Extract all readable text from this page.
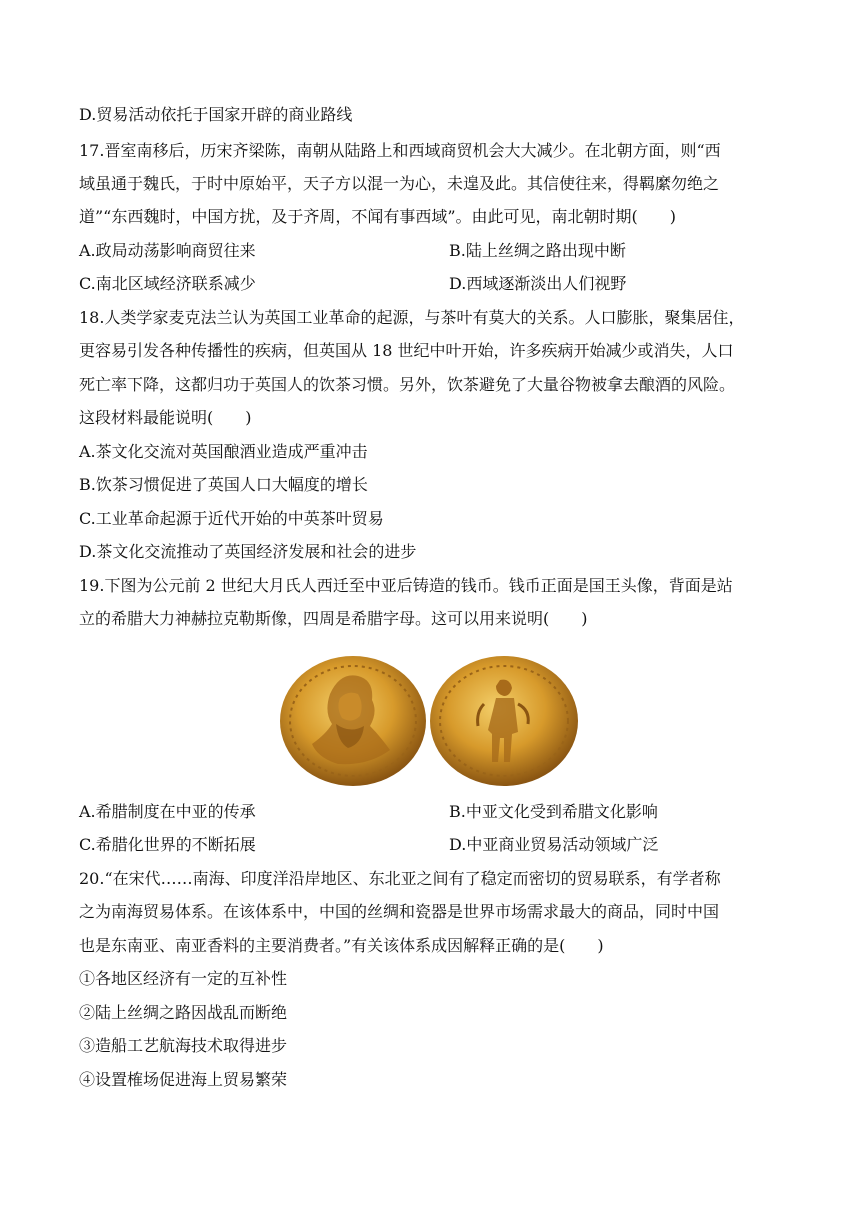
D.贸易活动依托于国家开辟的商业路线
17.晋室南移后，历宋齐梁陈，南朝从陆路上和西域商贸机会大大减少。在北朝方面，则“西
域虽通于魏氏，于时中原始平，天子方以混一为心，未遑及此。其信使往来，得羁縻勿绝之
道”“东西魏时，中国方扰，及于齐周，不闻有事西域”。由此可见，南北朝时期(　　)
A.政局动荡影响商贸往来	B.陆上丝绸之路出现中断
C.南北区域经济联系减少	D.西域逐渐淡出人们视野
18.人类学家麦克法兰认为英国工业革命的起源，与茶叶有莫大的关系。人口膨胀，聚集居住，
更容易引发各种传播性的疾病，但英国从 18 世纪中叶开始，许多疾病开始减少或消失，人口
死亡率下降，这都归功于英国人的饮茶习惯。另外，饮茶避免了大量谷物被拿去酿酒的风险。
这段材料最能说明(　　)
A.茶文化交流对英国酿酒业造成严重冲击
B.饮茶习惯促进了英国人口大幅度的增长
C.工业革命起源于近代开始的中英茶叶贸易
D.茶文化交流推动了英国经济发展和社会的进步
19.下图为公元前 2 世纪大月氏人西迁至中亚后铸造的钱币。钱币正面是国王头像，背面是站
立的希腊大力神赫拉克勒斯像，四周是希腊字母。这可以用来说明(　　)
A.希腊制度在中亚的传承	B.中亚文化受到希腊文化影响
C.希腊化世界的不断拓展	D.中亚商业贸易活动领域广泛
20.“在宋代……南海、印度洋沿岸地区、东北亚之间有了稳定而密切的贸易联系，有学者称
之为南海贸易体系。在该体系中，中国的丝绸和瓷器是世界市场需求最大的商品，同时中国
也是东南亚、南亚香料的主要消费者。”有关该体系成因解释正确的是(　　)
①各地区经济有一定的互补性
②陆上丝绸之路因战乱而断绝
③造船工艺航海技术取得进步
④设置榷场促进海上贸易繁荣
